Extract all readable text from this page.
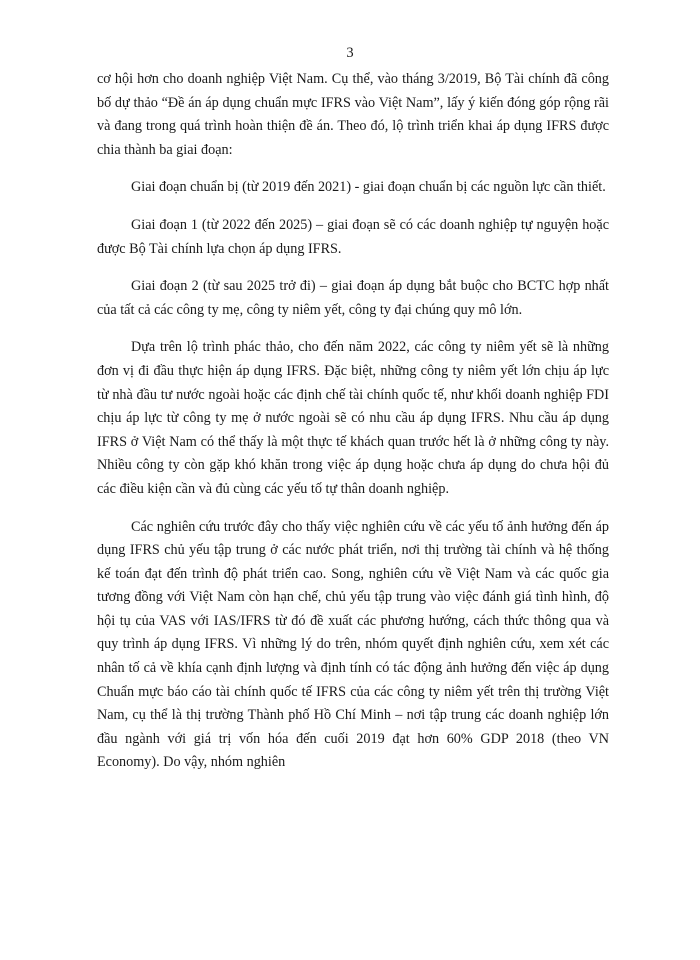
3

cơ hội hơn cho doanh nghiệp Việt Nam. Cụ thể, vào tháng 3/2019, Bộ Tài chính đã công bố dự thảo “Đề án áp dụng chuẩn mực IFRS vào Việt Nam”, lấy ý kiến đóng góp rộng rãi và đang trong quá trình hoàn thiện đề án. Theo đó, lộ trình triển khai áp dụng IFRS được chia thành ba giai đoạn:

Giai đoạn chuẩn bị (từ 2019 đến 2021) - giai đoạn chuẩn bị các nguồn lực cần thiết.

Giai đoạn 1 (từ 2022 đến 2025) – giai đoạn sẽ có các doanh nghiệp tự nguyện hoặc được Bộ Tài chính lựa chọn áp dụng IFRS.

Giai đoạn 2 (từ sau 2025 trở đi) – giai đoạn áp dụng bắt buộc cho BCTC hợp nhất của tất cả các công ty mẹ, công ty niêm yết, công ty đại chúng quy mô lớn.

Dựa trên lộ trình phác thảo, cho đến năm 2022, các công ty niêm yết sẽ là những đơn vị đi đầu thực hiện áp dụng IFRS. Đặc biệt, những công ty niêm yết lớn chịu áp lực từ nhà đầu tư nước ngoài hoặc các định chế tài chính quốc tế, như khối doanh nghiệp FDI chịu áp lực từ công ty mẹ ở nước ngoài sẽ có nhu cầu áp dụng IFRS. Nhu cầu áp dụng IFRS ở Việt Nam có thể thấy là một thực tế khách quan trước hết là ở những công ty này. Nhiều công ty còn gặp khó khăn trong việc áp dụng hoặc chưa áp dụng do chưa hội đủ các điều kiện cần và đủ cùng các yếu tố tự thân doanh nghiệp.

Các nghiên cứu trước đây cho thấy việc nghiên cứu về các yếu tố ảnh hưởng đến áp dụng IFRS chủ yếu tập trung ở các nước phát triển, nơi thị trường tài chính và hệ thống kế toán đạt đến trình độ phát triển cao. Song, nghiên cứu về Việt Nam và các quốc gia tương đồng với Việt Nam còn hạn chế, chủ yếu tập trung vào việc đánh giá tình hình, độ hội tụ của VAS với IAS/IFRS từ đó đề xuất các phương hướng, cách thức thông qua và quy trình áp dụng IFRS. Vì những lý do trên, nhóm quyết định nghiên cứu, xem xét các nhân tố cả về khía cạnh định lượng và định tính có tác động ảnh hưởng đến việc áp dụng Chuẩn mực báo cáo tài chính quốc tế IFRS của các công ty niêm yết trên thị trường Việt Nam, cụ thể là thị trường Thành phố Hồ Chí Minh – nơi tập trung các doanh nghiệp lớn đầu ngành với giá trị vốn hóa đến cuối 2019 đạt hơn 60% GDP 2018 (theo VN Economy). Do vậy, nhóm nghiên
